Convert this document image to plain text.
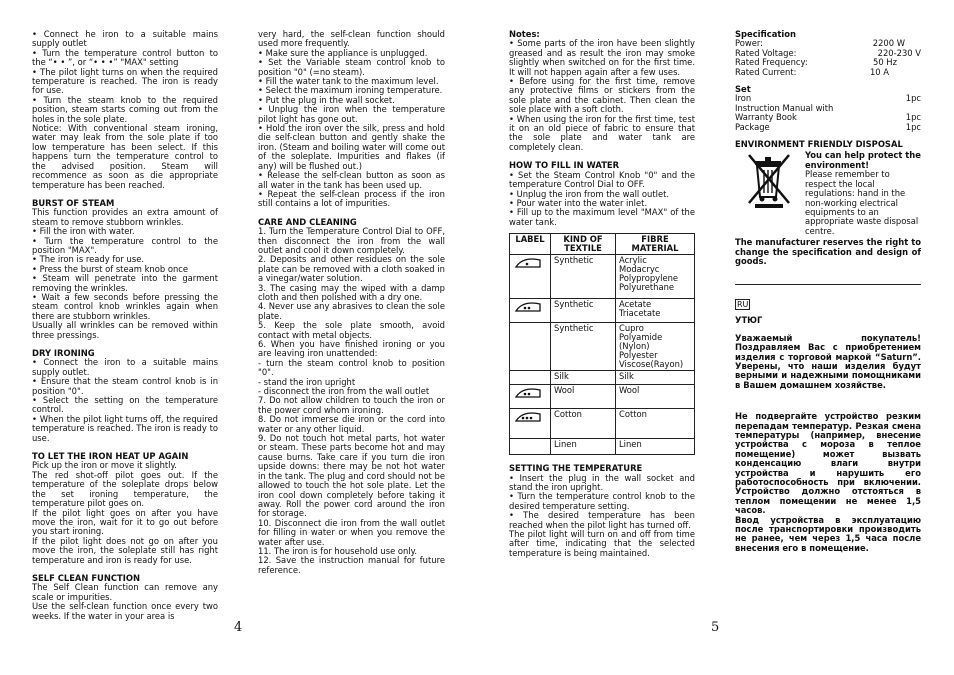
• Connect he iron to a suitable mains supply outlet

• Turn the temperature control button to the “• • ”, or “• • •” "MAX" setting

• The pilot light turns on when the required temperature is reached. The iron is ready for use.

• Turn the steam knob to the required position, steam starts coming out from the holes in the sole plate.

Notice: With conventional steam ironing, water may leak from the sole plate if too low temperature has been select. If this happens turn the temperature control to the advised position. Steam will recommence as soon as die appropriate temperature has been reached.

BURST OF STEAM

This function provides an extra amount of steam to remove stubborn wrinkles.

• Fill the iron with water.

• Turn the temperature control to the position "MAX".

• The iron is ready for use.

• Press the burst of steam knob once

• Steam will penetrate into the garment removing the wrinkles.

• Wait a few seconds before pressing the steam control knob wrinkles again when there are stubborn wrinkles.

Usually all wrinkles can be removed within three pressings.

DRY IRONING

• Connect the iron to a suitable mains supply outlet.

• Ensure that the steam control knob is in position "0".

• Select the setting on the temperature control.

• When the pilot light turns off, the required temperature is reached. The iron is ready to use.

TO LET THE IRON HEAT UP AGAIN

Pick up the iron or move it slightly.

The red shot-off pilot goes out. If the temperature of the soleplate drops below the set ironing temperature, the temperature pilot goes on.

If the pilot light goes on after you have move the iron, wait for it to go out before you start ironing.

If the pilot light does not go on after you move the iron, the soleplate still has right temperature and iron is ready for use.

SELF CLEAN FUNCTION

The Self Clean function can remove any scale or impurities.

Use the self-clean function once every two weeks. If the water in your area is

very hard, the self-clean function should used more frequently.

• Make sure the appliance is unplugged.

• Set the Variable steam control knob to position "0" (=no steam).

• Fill the water tank to the maximum level.

• Select the maximum ironing temperature.

• Put the plug in the wall socket.

• Unplug the iron when the temperature pilot light has gone out.

• Hold the iron over the silk, press and hold die self-clean button and gently shake the iron. (Steam and boiling water will come out of the soleplate. Impurities and flakes (if any) will be flushed out.)

• Release the self-clean button as soon as all water in the tank has been used up.

• Repeat the self-clean process if the iron still contains a lot of impurities.

CARE AND CLEANING

1. Turn the Temperature Control Dial to OFF, then disconnect the iron from the wall outlet and cool it down completely.

2. Deposits and other residues on the sole plate can be removed with a cloth soaked in a vinegar/water solution.

3. The casing may the wiped with a damp cloth and then polished with a dry one.

4. Never use any abrasives to clean the sole plate.

5. Keep the sole plate smooth, avoid contact with metal objects.

6. When you have finished ironing or you are leaving iron unattended:

- turn the steam control knob to position "0".

- stand the iron upright

- disconnect the iron from the wall outlet

7. Do not allow children to touch the iron or the power cord whom ironing.

8. Do not immerse die iron or the cord into water or any other liquid.

9. Do not touch hot metal parts, hot water or steam. These parts become hot and may cause burns. Take care if you turn die iron upside downs: there may be not hot water in the tank. The plug and cord should not be allowed to touch the hot sole plate. Let the iron cool down completely before taking it away. Roll the power cord around the iron for storage.

10. Disconnect die iron from the wall outlet for filling in water or when you remove the water after use.

11. The iron is for household use only.

12. Save the instruction manual for future reference.

4

Notes:

• Some parts of the iron have been slightly greased and as result the iron may smoke slightly when switched on for the first time. It will not happen again after a few uses.

• Before using for the first time, remove any protective films or stickers from the sole plate and the cabinet. Then clean the sole place with a soft cloth.

• When using the iron for the first time, test it on an old piece of fabric to ensure that the sole plate and water tank are completely clean.

HOW TO FILL IN WATER

• Set the Steam Control Knob "0" and the temperature Control Dial to OFF.

• Unplug the iron from the wall outlet.

• Pour water into the water inlet.

• Fill up to the maximum level "MAX" of the water tank.

LABEL	KIND OF TEXTILE	FIBRE MATERIAL
	Synthetic	Acrylic
Modacryc
Polypropylene
Polyurethane
	Synthetic	Acetate
Triacetate
	Synthetic	Cupro
Polyamide
(Nylon)
Polyester
Viscose(Rayon)
	Silk	Silk
	Wool	Wool
	Cotton	Cotton
	Linen	Linen

SETTING THE TEMPERATURE

• Insert the plug in the wall socket and stand the iron upright.

• Turn the temperature control knob to the desired temperature setting.

• The desired temperature has been reached when the pilot light has turned off.

The pilot light will turn on and off from time after time, indicating that the selected temperature is being maintained.

5

Specification

Power:	2200 W
Rated Voltage:	220-230 V
Rated Frequency:	50 Hz
Rated Current:	10 A

Set

Iron	1pc
Instruction Manual with
Warranty Book	1pc
Package	1pc

ENVIRONMENT FRIENDLY DISPOSAL

You can help protect the environment!

Please remember to respect the local regulations: hand in the non-working electrical equipments to an appropriate waste disposal centre.

The manufacturer reserves the right to change the specification and design of goods.

RU

УТЮГ

Уважаемый покупатель! Поздравляем Вас с приобретением изделия с торговой маркой “Saturn”. Уверены, что наши изделия будут верными и надежными помощниками в Вашем домашнем хозяйстве.

Не подвергайте устройство резким перепадам температур. Резкая смена температуры (например, внесение устройства с мороза в теплое помещение) может вызвать конденсацию влаги внутри устройства и нарушить его работоспособность при включении. Устройство должно отстояться в теплом помещении не менее 1,5 часов.

Ввод устройства в эксплуатацию после транспортировки производить не ранее, чем через 1,5 часа после внесения его в помещение.
